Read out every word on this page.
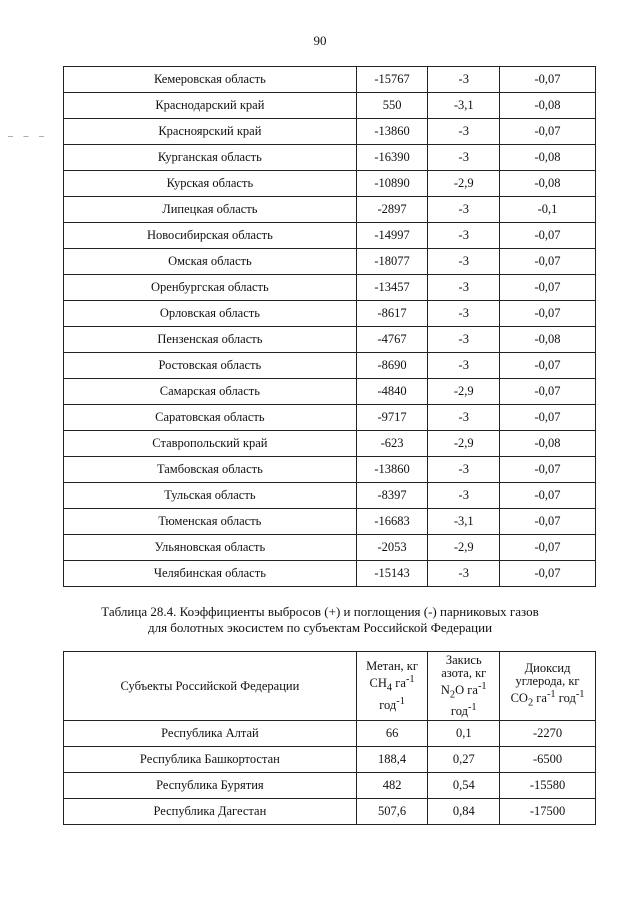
90
– – –
Кемеровская область	-15767	-3	-0,07
Краснодарский край	550	-3,1	-0,08
Красноярский край	-13860	-3	-0,07
Курганская область	-16390	-3	-0,08
Курская область	-10890	-2,9	-0,08
Липецкая область	-2897	-3	-0,1
Новосибирская область	-14997	-3	-0,07
Омская область	-18077	-3	-0,07
Оренбургская область	-13457	-3	-0,07
Орловская область	-8617	-3	-0,07
Пензенская область	-4767	-3	-0,08
Ростовская область	-8690	-3	-0,07
Самарская область	-4840	-2,9	-0,07
Саратовская область	-9717	-3	-0,07
Ставропольский край	-623	-2,9	-0,08
Тамбовская область	-13860	-3	-0,07
Тульская область	-8397	-3	-0,07
Тюменская область	-16683	-3,1	-0,07
Ульяновская область	-2053	-2,9	-0,07
Челябинская область	-15143	-3	-0,07
Таблица 28.4. Коэффициенты выбросов (+) и поглощения (-) парниковых газов
для болотных экосистем по субъектам Российской Федерации
Субъекты Российской Федерации	Метан, кг
$CH_4$ $га^{-1}$
год$^{-1}$	Закись
азота, кг
$N_2O$ $га^{-1}$
год$^{-1}$	Диоксид
углерода, кг
$CO_2$ $га^{-1}$ год$^{-1}$
Республика Алтай	66	0,1	-2270
Республика Башкортостан	188,4	0,27	-6500
Республика Бурятия	482	0,54	-15580
Республика Дагестан	507,6	0,84	-17500
